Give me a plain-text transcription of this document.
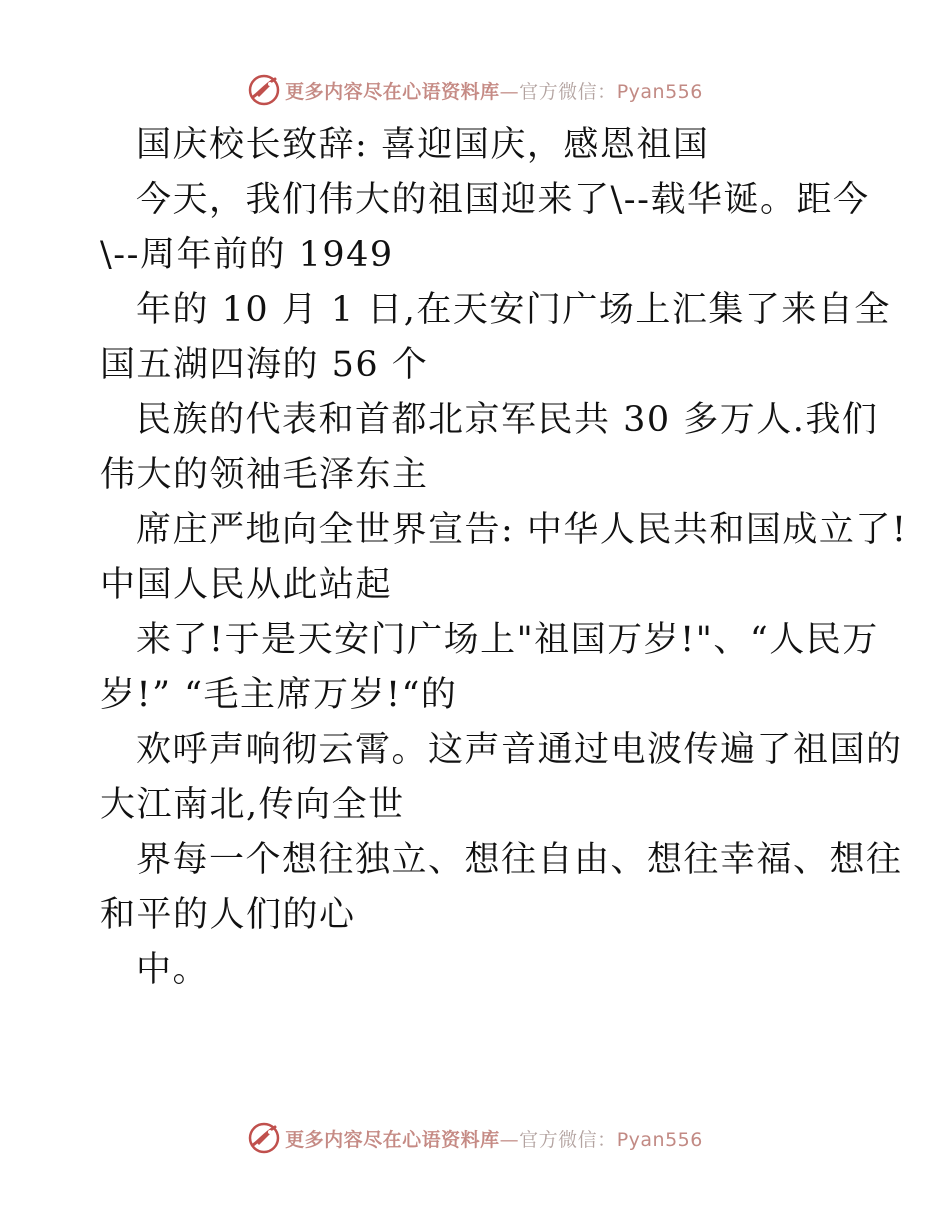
更多内容尽在心语资料库—官方微信：Pyan556
国庆校长致辞: 喜迎国庆，感恩祖国
今天，我们伟大的祖国迎来了\--载华诞。距今
\--周年前的 1949
年的 10 月 1 日,在天安门广场上汇集了来自全
国五湖四海的 56 个
民族的代表和首都北京军民共 30 多万人.我们
伟大的领袖毛泽东主
席庄严地向全世界宣告: 中华人民共和国成立了!
中国人民从此站起
来了!于是天安门广场上"祖国万岁!"、“人民万
岁!” “毛主席万岁!“的
欢呼声响彻云霄。这声音通过电波传遍了祖国的
大江南北,传向全世
界每一个想往独立、想往自由、想往幸福、想往
和平的人们的心
中。
更多内容尽在心语资料库—官方微信：Pyan556
